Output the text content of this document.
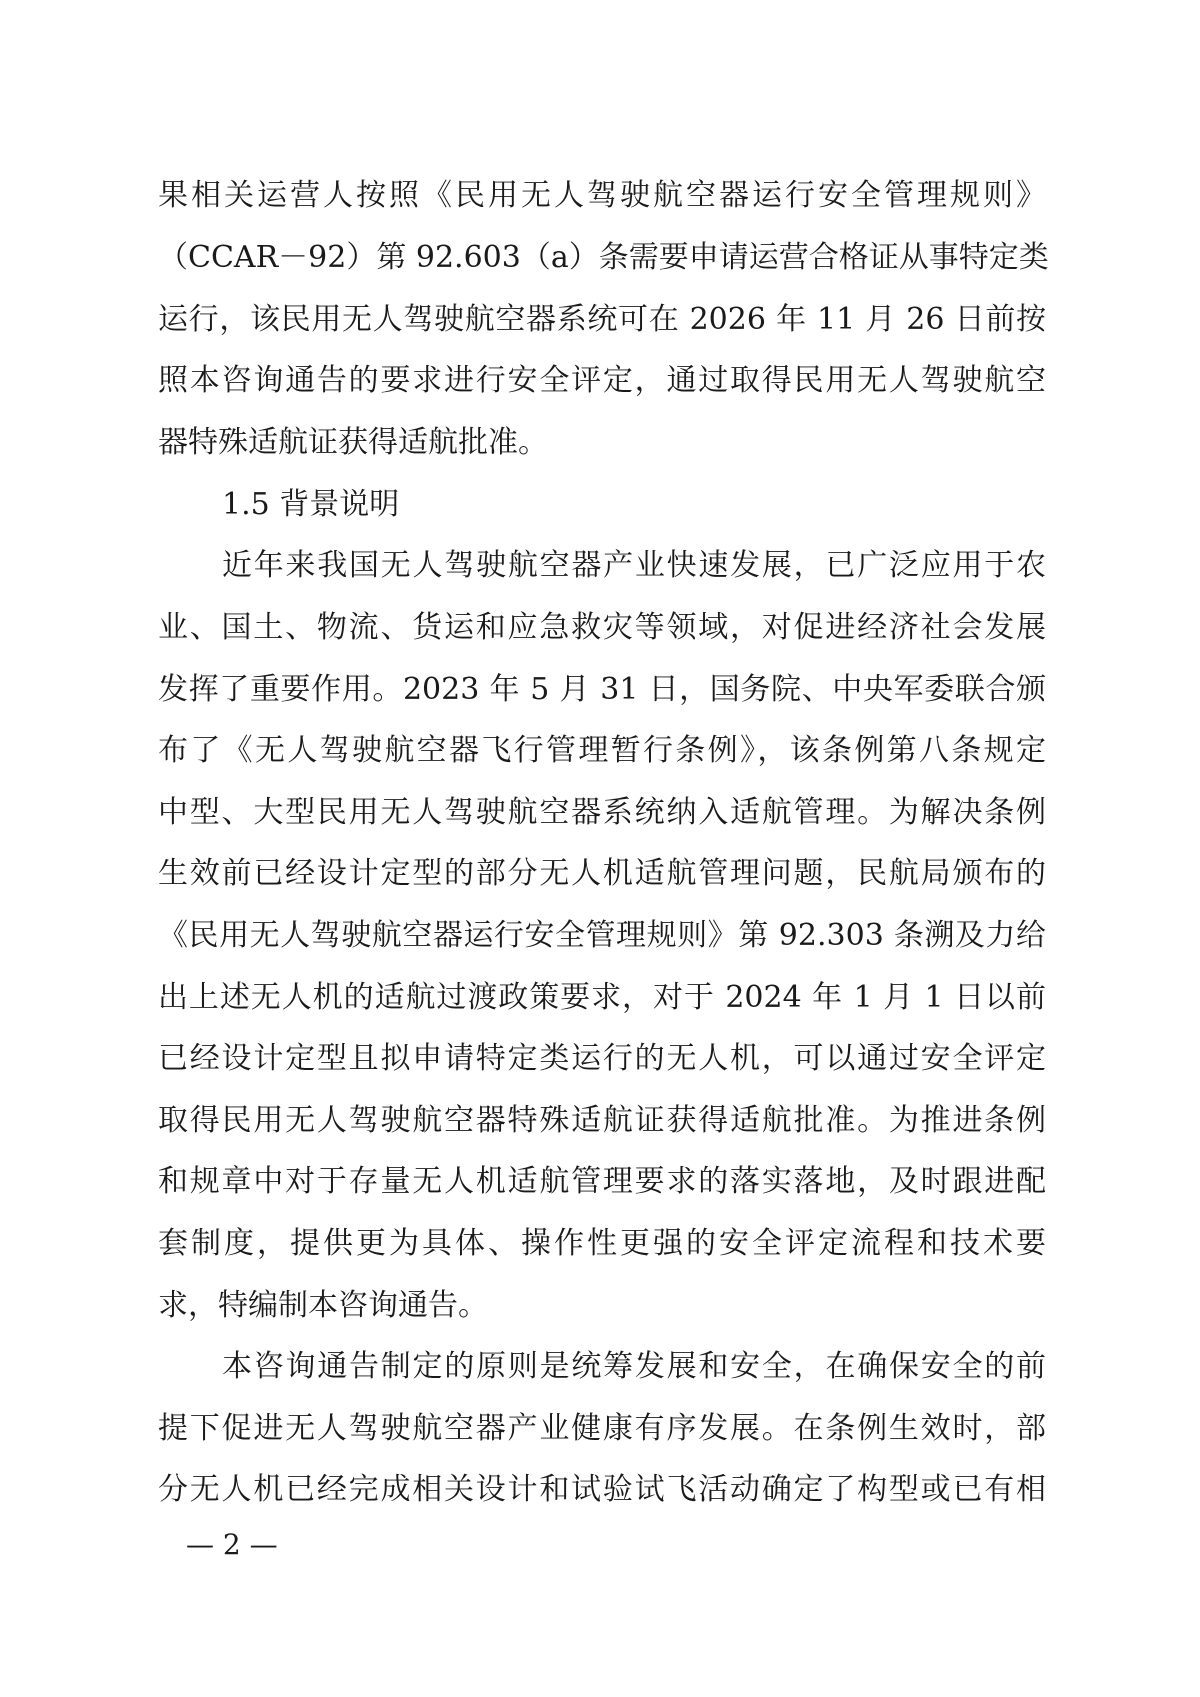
果相关运营人按照《民用无人驾驶航空器运行安全管理规则》
（CCAR－92）第 92.603（a）条需要申请运营合格证从事特定类
运行，该民用无人驾驶航空器系统可在 2026 年 11 月 26 日前按
照本咨询通告的要求进行安全评定，通过取得民用无人驾驶航空
器特殊适航证获得适航批准。
1.5 背景说明
近年来我国无人驾驶航空器产业快速发展，已广泛应用于农
业、国土、物流、货运和应急救灾等领域，对促进经济社会发展
发挥了重要作用。2023 年 5 月 31 日，国务院、中央军委联合颁
布了《无人驾驶航空器飞行管理暂行条例》，该条例第八条规定
中型、大型民用无人驾驶航空器系统纳入适航管理。为解决条例
生效前已经设计定型的部分无人机适航管理问题，民航局颁布的
《民用无人驾驶航空器运行安全管理规则》第 92.303 条溯及力给
出上述无人机的适航过渡政策要求，对于 2024 年 1 月 1 日以前
已经设计定型且拟申请特定类运行的无人机，可以通过安全评定
取得民用无人驾驶航空器特殊适航证获得适航批准。为推进条例
和规章中对于存量无人机适航管理要求的落实落地，及时跟进配
套制度，提供更为具体、操作性更强的安全评定流程和技术要
求，特编制本咨询通告。
本咨询通告制定的原则是统筹发展和安全，在确保安全的前
提下促进无人驾驶航空器产业健康有序发展。在条例生效时，部
分无人机已经完成相关设计和试验试飞活动确定了构型或已有相
— 2 —
